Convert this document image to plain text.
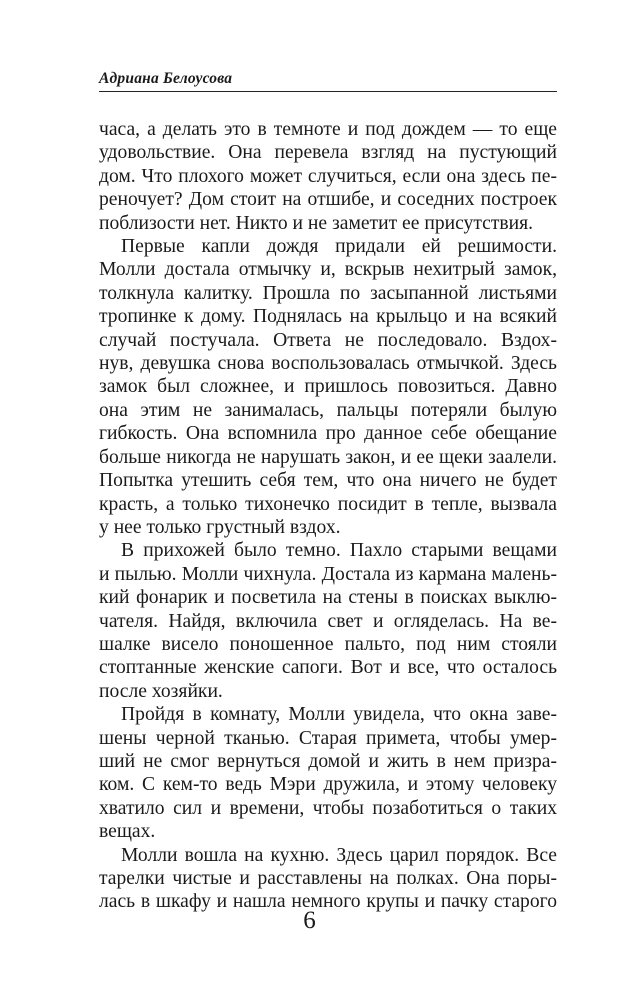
Адриана Белоусова
часа, а делать это в темноте и под дождем — то еще
удовольствие. Она перевела взгляд на пустующий
дом. Что плохого может случиться, если она здесь пе-
реночует? Дом стоит на отшибе, и соседних построек
поблизости нет. Никто и не заметит ее присутствия.
Первые капли дождя придали ей решимости.
Молли достала отмычку и, вскрыв нехитрый замок,
толкнула калитку. Прошла по засыпанной листьями
тропинке к дому. Поднялась на крыльцо и на всякий
случай постучала. Ответа не последовало. Вздох-
нув, девушка снова воспользовалась отмычкой. Здесь
замок был сложнее, и пришлось повозиться. Давно
она этим не занималась, пальцы потеряли былую
гибкость. Она вспомнила про данное себе обещание
больше никогда не нарушать закон, и ее щеки заалели.
Попытка утешить себя тем, что она ничего не будет
красть, а только тихонечко посидит в тепле, вызвала
у нее только грустный вздох.
В прихожей было темно. Пахло старыми вещами
и пылью. Молли чихнула. Достала из кармана малень-
кий фонарик и посветила на стены в поисках выклю-
чателя. Найдя, включила свет и огляделась. На ве-
шалке висело поношенное пальто, под ним стояли
стоптанные женские сапоги. Вот и все, что осталось
после хозяйки.
Пройдя в комнату, Молли увидела, что окна заве-
шены черной тканью. Старая примета, чтобы умер-
ший не смог вернуться домой и жить в нем призра-
ком. С кем-то ведь Мэри дружила, и этому человеку
хватило сил и времени, чтобы позаботиться о таких
вещах.
Молли вошла на кухню. Здесь царил порядок. Все
тарелки чистые и расставлены на полках. Она поры-
лась в шкафу и нашла немного крупы и пачку старого
6
